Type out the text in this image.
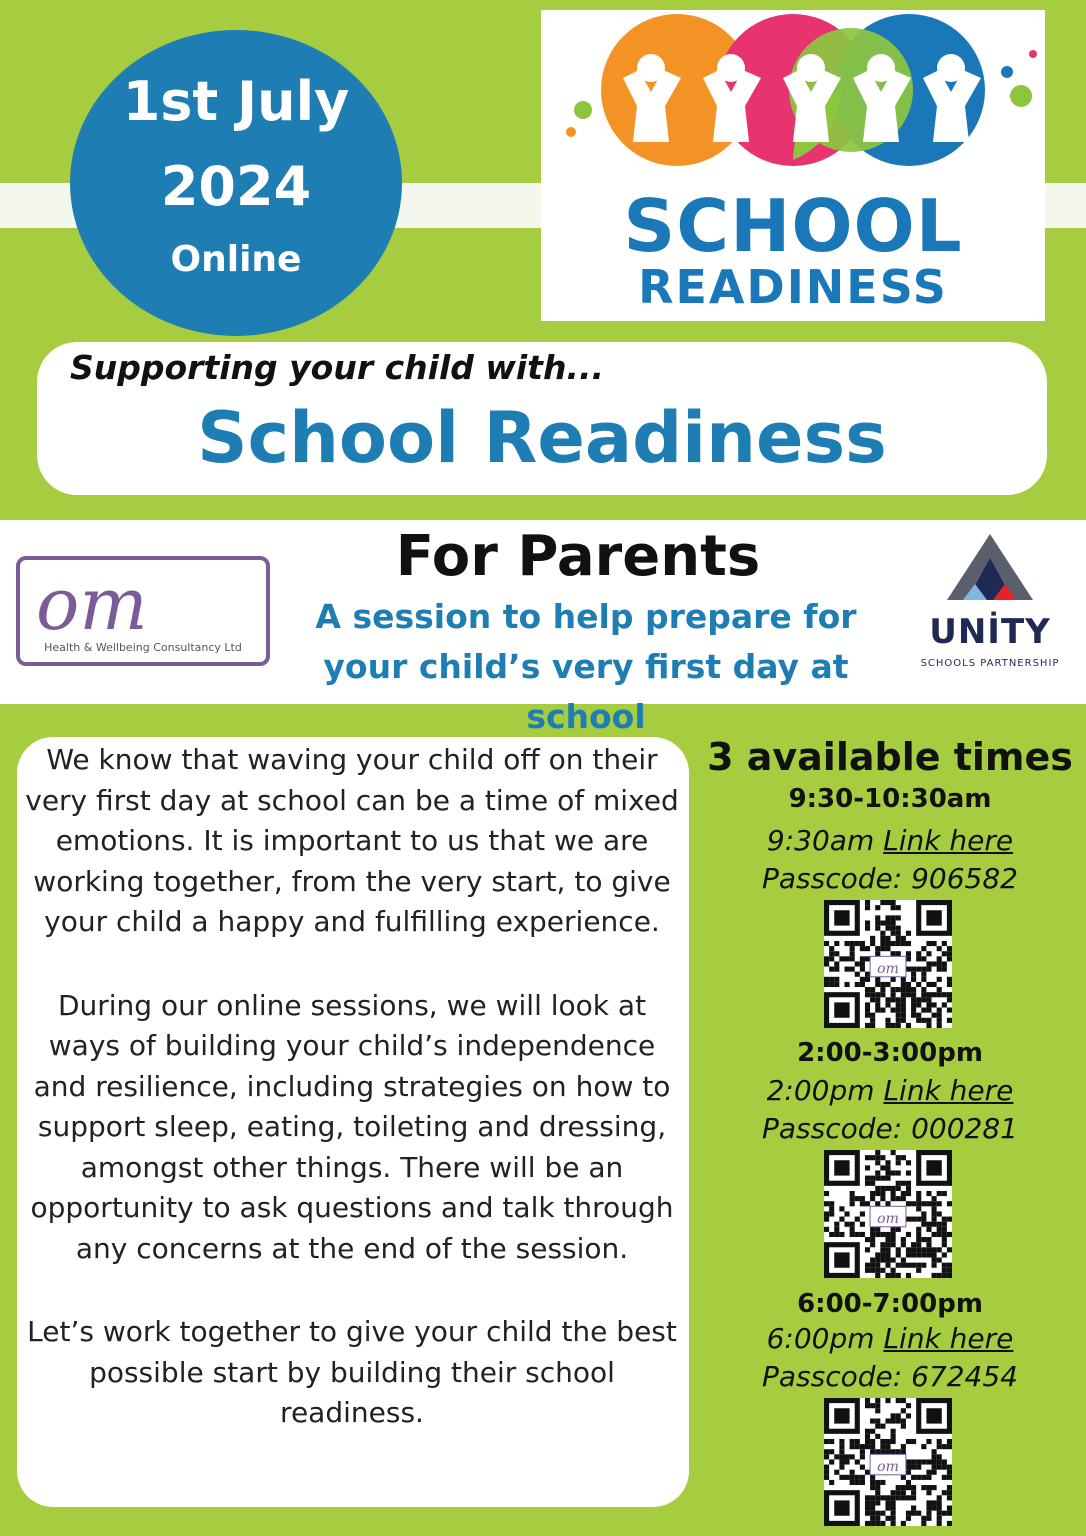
1st July
2024
Online	SCHOOL
READINESS
Supporting your child with...
School Readiness
om
Health & Wellbeing Consultancy Ltd
For Parents
A session to help prepare for your child’s very first day at school
UNİTY
SCHOOLS PARTNERSHIP

We know that waving your child off on their very first day at school can be a time of mixed emotions. It is important to us that we are working together, from the very start, to give your child a happy and fulfilling experience.

During our online sessions, we will look at ways of building your child’s independence and resilience, including strategies on how to support sleep, eating, toileting and dressing, amongst other things. There will be an opportunity to ask questions and talk through any concerns at the end of the session.

Let’s work together to give your child the best possible start by building their school readiness.

3 available times
9:30-10:30am
9:30am Link here
Passcode: 906582
om
2:00-3:00pm
2:00pm Link here
Passcode: 000281
om
6:00-7:00pm
6:00pm Link here
Passcode: 672454
om
